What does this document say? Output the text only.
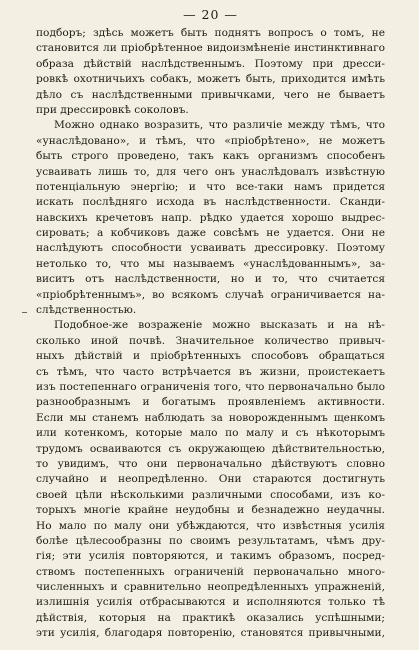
— 20 —
подборъ; здѣсь можетъ быть поднятъ вопросъ о томъ, не
становится ли пріобрѣтенное видоизмѣненіе инстинктивнаго
образа дѣйствій наслѣдственнымъ. Поэтому при дресси-
ровкѣ охотничьихъ собакъ, можетъ быть, приходится имѣть
дѣло съ наслѣдственными привычками, чего не бываетъ
при дрессировкѣ соколовъ.
Можно однако возразить, что различіе между тѣмъ, что
«унаслѣдовано», и тѣмъ, что «пріобрѣтено», не можетъ
быть строго проведено, такъ какъ организмъ способенъ
усваивать лишь то, для чего онъ унаслѣдовалъ извѣстную
потенціальную энергію; и что все-таки намъ придется
искать послѣдняго исхода въ наслѣдственности. Сканди-
навскихъ кречетовъ напр. рѣдко удается хорошо выдрес-
сировать; а кобчиковъ даже совсѣмъ не удается. Они не
наслѣдуютъ способности усваивать дрессировку. Поэтому
нетолько то, что мы называемъ «унаслѣдованнымъ», за-
виситъ отъ наслѣдственности, но и то, что считается
«пріобрѣтеннымъ», во всякомъ случаѣ ограничивается на-
слѣдственностью.
Подобное-же возраженіе можно высказать и на нѣ-
сколько иной почвѣ. Значительное количество привыч-
ныхъ дѣйствій и пріобрѣтенныхъ способовъ обращаться
съ тѣмъ, что часто встрѣчается въ жизни, проистекаетъ
изъ постепеннаго ограниченія того, что первоначально было
разнообразнымъ и богатымъ проявленіемъ активности.
Если мы станемъ наблюдать за новорожденнымъ щенкомъ
или котенкомъ, которые мало по малу и съ нѣкоторымъ
трудомъ осваиваются съ окружающею дѣйствительностью,
то увидимъ, что они первоначально дѣйствуютъ словно
случайно и неопредѣленно. Они стараются достигнуть
своей цѣли нѣсколькими различными способами, изъ ко-
торыхъ многіе крайне неудобны и безнадежно неудачны.
Но мало по малу они убѣждаются, что извѣстныя усилія
болѣе цѣлесообразны по своимъ результатамъ, чѣмъ дру-
гія; эти усилія повторяются, и такимъ образомъ, посред-
ствомъ постепенныхъ ограниченій первоначально много-
численныхъ и сравнительно неопредѣленныхъ упражненій,
излишнія усилія отбрасываются и исполняются только тѣ
дѣйствія, которыя на практикѣ оказались успѣшными;
эти усилія, благодаря повторенію, становятся привычными,
